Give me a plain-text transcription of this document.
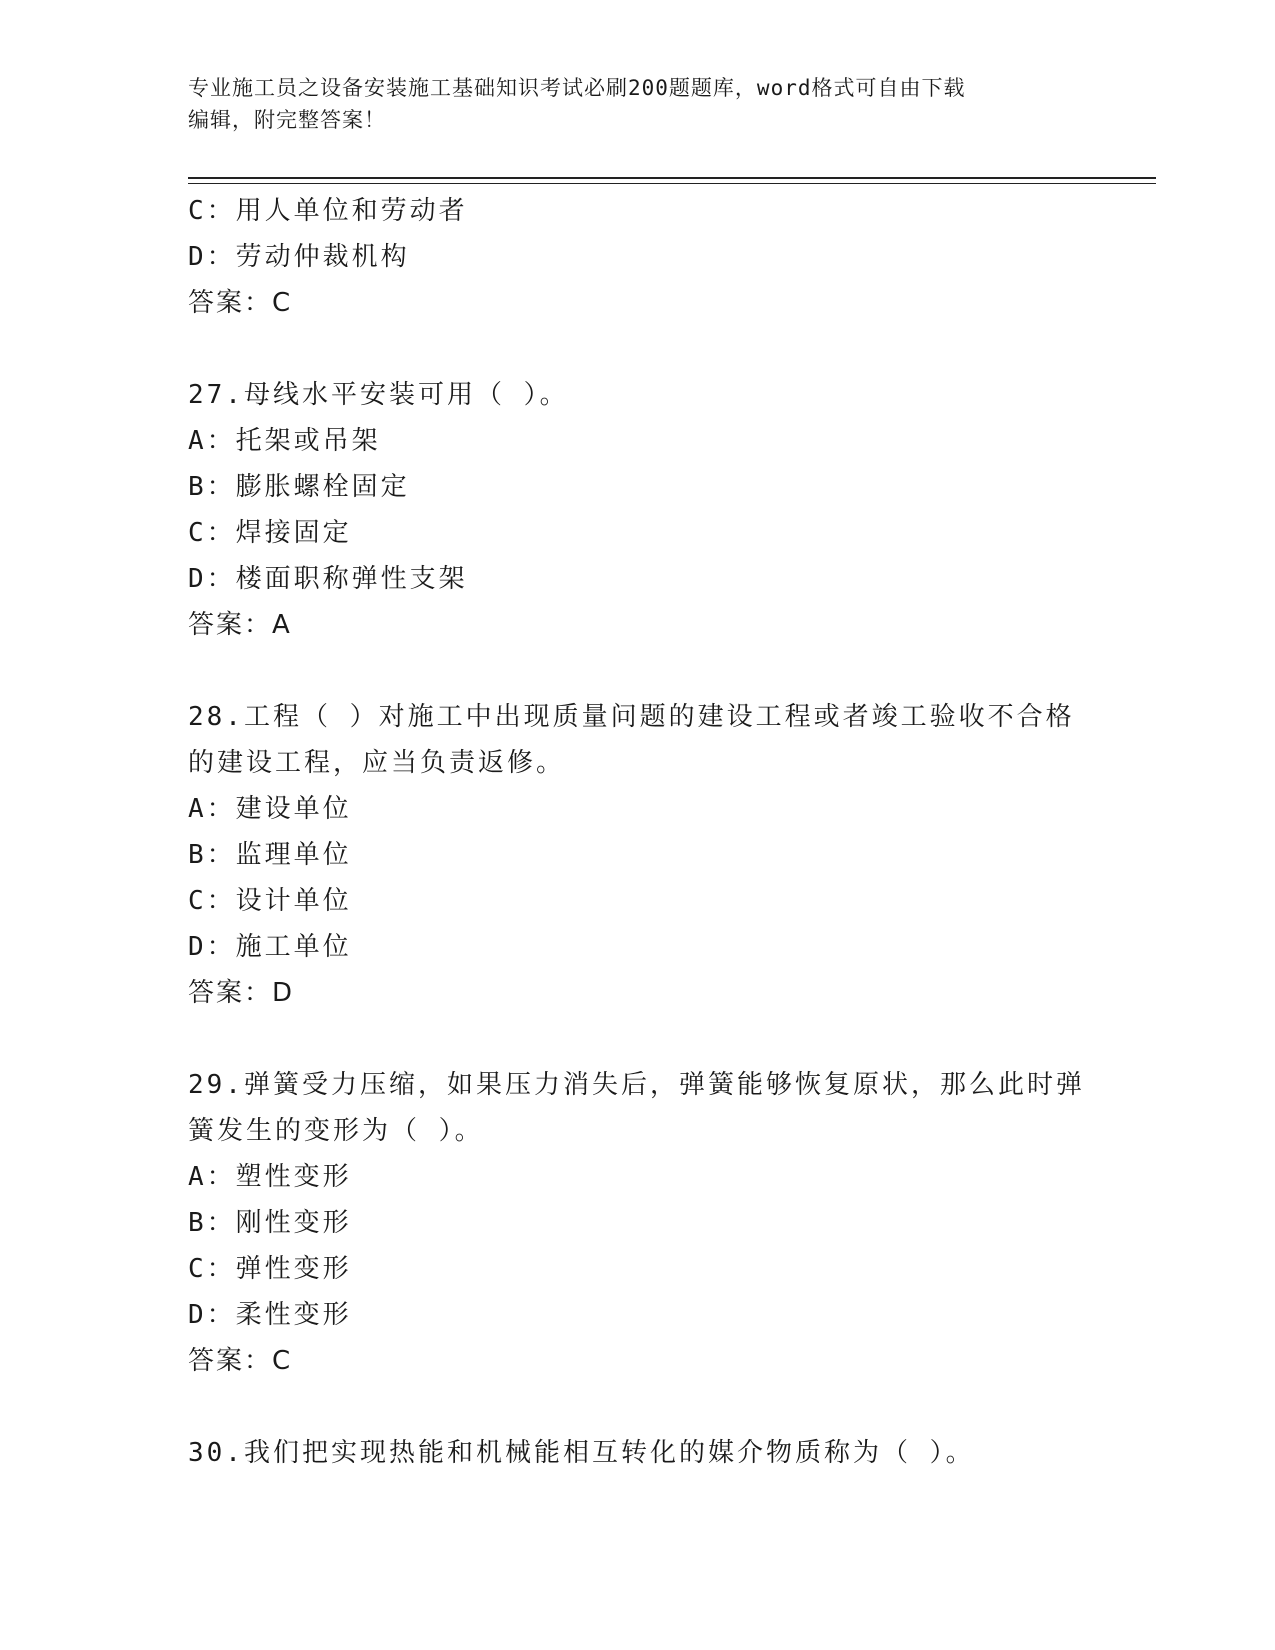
专业施工员之设备安装施工基础知识考试必刷200题题库，word格式可自由下载
编辑，附完整答案！
C：用人单位和劳动者
D：劳动仲裁机构
答案：C
27.母线水平安装可用（ ）。
A：托架或吊架
B：膨胀螺栓固定
C：焊接固定
D：楼面职称弹性支架
答案：A
28.工程（ ）对施工中出现质量问题的建设工程或者竣工验收不合格
的建设工程，应当负责返修。
A：建设单位
B：监理单位
C：设计单位
D：施工单位
答案：D
29.弹簧受力压缩，如果压力消失后，弹簧能够恢复原状，那么此时弹
簧发生的变形为（ ）。
A：塑性变形
B：刚性变形
C：弹性变形
D：柔性变形
答案：C
30.我们把实现热能和机械能相互转化的媒介物质称为（ ）。
